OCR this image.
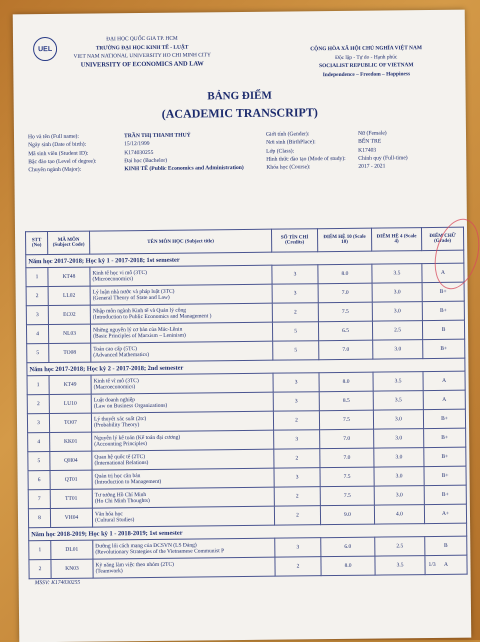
UEL
ĐẠI HỌC QUỐC GIA TP. HCM
TRƯỜNG ĐẠI HỌC KINH TẾ - LUẬT
VIET NAM NATIONAL UNIVERSITY HO CHI MINH CITY
UNIVERSITY OF ECONOMICS AND LAW
CỘNG HÒA XÃ HỘI CHỦ NGHĨA VIỆT NAM
Độc lập - Tự do - Hạnh phúc
SOCIALIST REPUBLIC OF VIETNAM
Independence – Freedom – Happiness
BẢNG ĐIỂM
(ACADEMIC TRANSCRIPT)
Họ và tên (Full name):	TRẦN THỊ THANH THUỶ
Ngày sinh (Date of birth):	15/12/1999
Mã sinh viên (Student ID):	K174030255
Bậc đào tạo (Level of degree):	Đại học (Bachelor)
Chuyên ngành (Major):	KINH TẾ (Public Economics and Administration)
Giới tính (Gender):	Nữ (Female)
Nơi sinh (BirthPlace):	BẾN TRE
Lớp (Class):	K17403
Hình thức đào tạo (Mode of study):	Chính quy (Full-time)
Khóa học (Course):	2017 - 2021
STT (No)	MÃ MÔN (Subject Code)	TÊN MÔN HỌC (Subject title)	SỐ TÍN CHỈ (Credits)	ĐIỂM HỆ 10 (Scale 10)	ĐIỂM HỆ 4 (Scale 4)	ĐIỂM CHỮ (Grade)
Năm học 2017-2018; Học kỳ 1 - 2017-2018; 1st semester						
1	KT48	Kinh tế học vi mô (3TC)
(Microeconomics)	3	8.0	3.5	A
2	LL02	Lý luận nhà nước và pháp luật (3TC)
(General Theory of State and Law)	3	7.0	3.0	B+
3	EC02	Nhập môn ngành Kinh tế và Quản lý công
(Introduction to Public Economics and Management )	2	7.5	3.0	B+
4	NL03	Những nguyên lý cơ bản của Mác-Lênin
(Basic Principles of Marxism – Leninism)	5	6.5	2.5	B
5	TO08	Toán cao cấp (5TC)
(Advanced Mathematics)	5	7.0	3.0	B+
Năm học 2017-2018; Học kỳ 2 - 2017-2018; 2nd semester						
1	KT49	Kinh tế vĩ mô (3TC)
(Macroeconomics)	3	8.0	3.5	A
2	LU10	Luật doanh nghiệp
(Law on Business Organizations)	3	8.5	3.5	A
3	TO07	Lý thuyết xác suất (2tc)
(Probability Theory)	2	7.5	3.0	B+
4	KK01	Nguyên lý kế toán (Kế toán đại cương)
(Accounting Principles)	3	7.0	3.0	B+
5	QH04	Quan hệ quốc tế (2TC)
(International Relations)	2	7.0	3.0	B+
6	QT01	Quản trị học căn bản
(Introduction to Management)	3	7.5	3.0	B+
7	TT01	Tư tưởng Hồ Chí Minh
(Ho Chi Minh Thoughts)	2	7.5	3.0	B+
8	VH04	Văn hóa học
(Cultural Studies)	2	9.0	4.0	A+
Năm học 2018-2019; Học kỳ 1 - 2018-2019; 1st semester						
1	DL01	Đường lối cách mạng của ĐCSVN (LS Đảng)
(Revolutionary Strategies of the Vietnamese Communist P	3	6.0	2.5	B
2	KN03	Kỹ năng làm việc theo nhóm (2TC)
(Teamwork)	2	8.0	3.5	A
1/3
MSSV: K174030255
